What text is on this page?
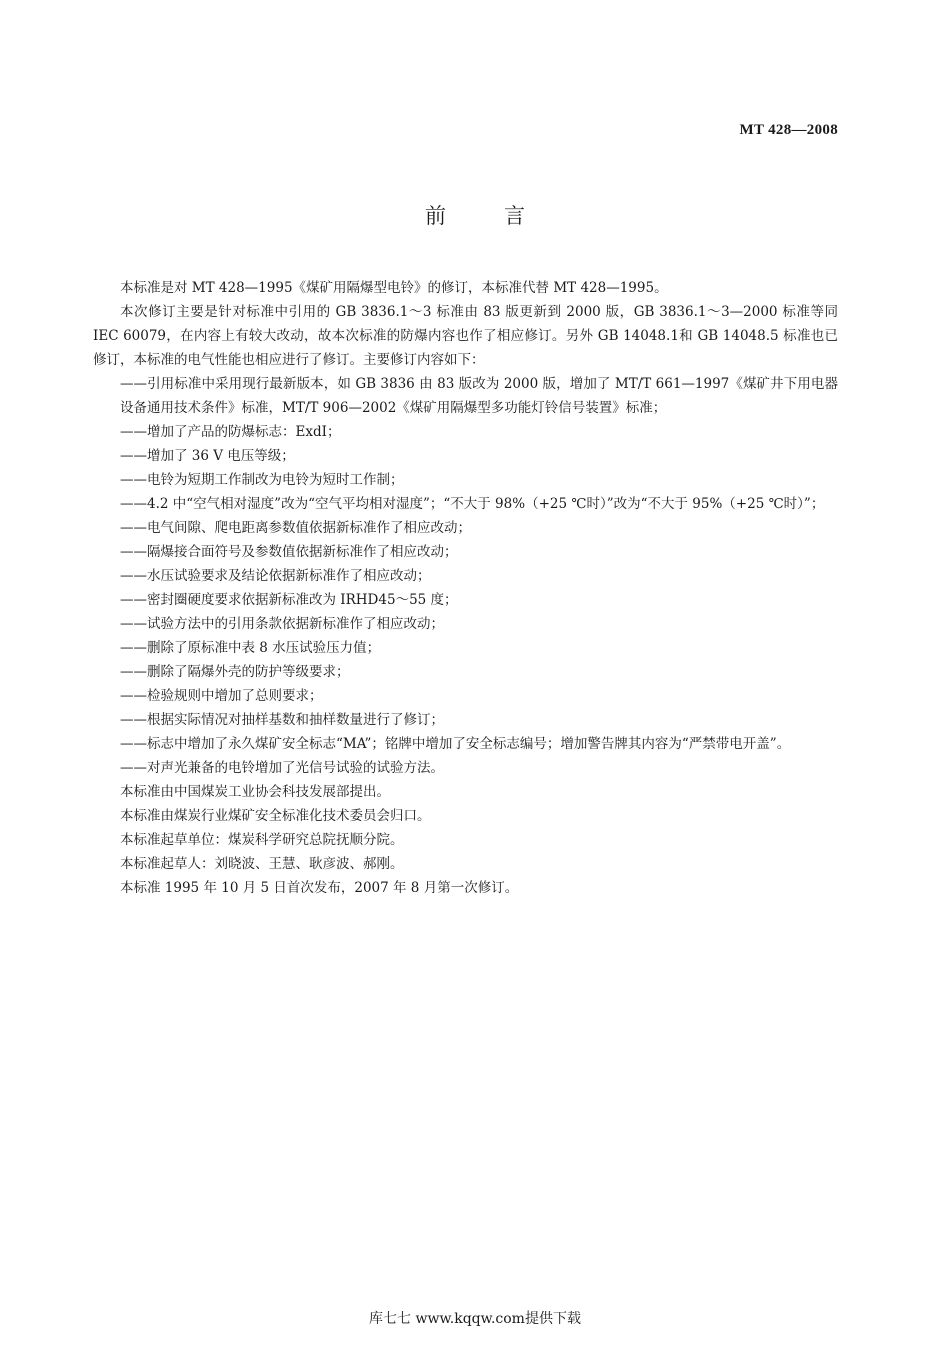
MT 428—2008
前言

本标准是对 MT 428—1995《煤矿用隔爆型电铃》的修订，本标准代替 MT 428—1995。

本次修订主要是针对标准中引用的 GB 3836.1～3 标准由 83 版更新到 2000 版，GB 3836.1～3—2000 标准等同 IEC 60079，在内容上有较大改动，故本次标准的防爆内容也作了相应修订。另外 GB 14048.1和 GB 14048.5 标准也已修订，本标准的电气性能也相应进行了修订。主要修订内容如下：

——引用标准中采用现行最新版本，如 GB 3836 由 83 版改为 2000 版，增加了 MT/T 661—1997《煤矿井下用电器设备通用技术条件》标准，MT/T 906—2002《煤矿用隔爆型多功能灯铃信号装置》标准；

——增加了产品的防爆标志：ExdⅠ；

——增加了 36 V 电压等级；

——电铃为短期工作制改为电铃为短时工作制；

——4.2 中“空气相对湿度”改为“空气平均相对湿度”；“不大于 98%（+25 ℃时）”改为“不大于 95%（+25 ℃时）”；

——电气间隙、爬电距离参数值依据新标准作了相应改动；

——隔爆接合面符号及参数值依据新标准作了相应改动；

——水压试验要求及结论依据新标准作了相应改动；

——密封圈硬度要求依据新标准改为 IRHD45～55 度；

——试验方法中的引用条款依据新标准作了相应改动；

——删除了原标准中表 8 水压试验压力值；

——删除了隔爆外壳的防护等级要求；

——检验规则中增加了总则要求；

——根据实际情况对抽样基数和抽样数量进行了修订；

——标志中增加了永久煤矿安全标志“MA”；铭牌中增加了安全标志编号；增加警告牌其内容为“严禁带电开盖”。

——对声光兼备的电铃增加了光信号试验的试验方法。

本标准由中国煤炭工业协会科技发展部提出。

本标准由煤炭行业煤矿安全标准化技术委员会归口。

本标准起草单位：煤炭科学研究总院抚顺分院。

本标准起草人：刘晓波、王慧、耿彦波、郝刚。

本标准 1995 年 10 月 5 日首次发布，2007 年 8 月第一次修订。

库七七 www.kqqw.com提供下载
